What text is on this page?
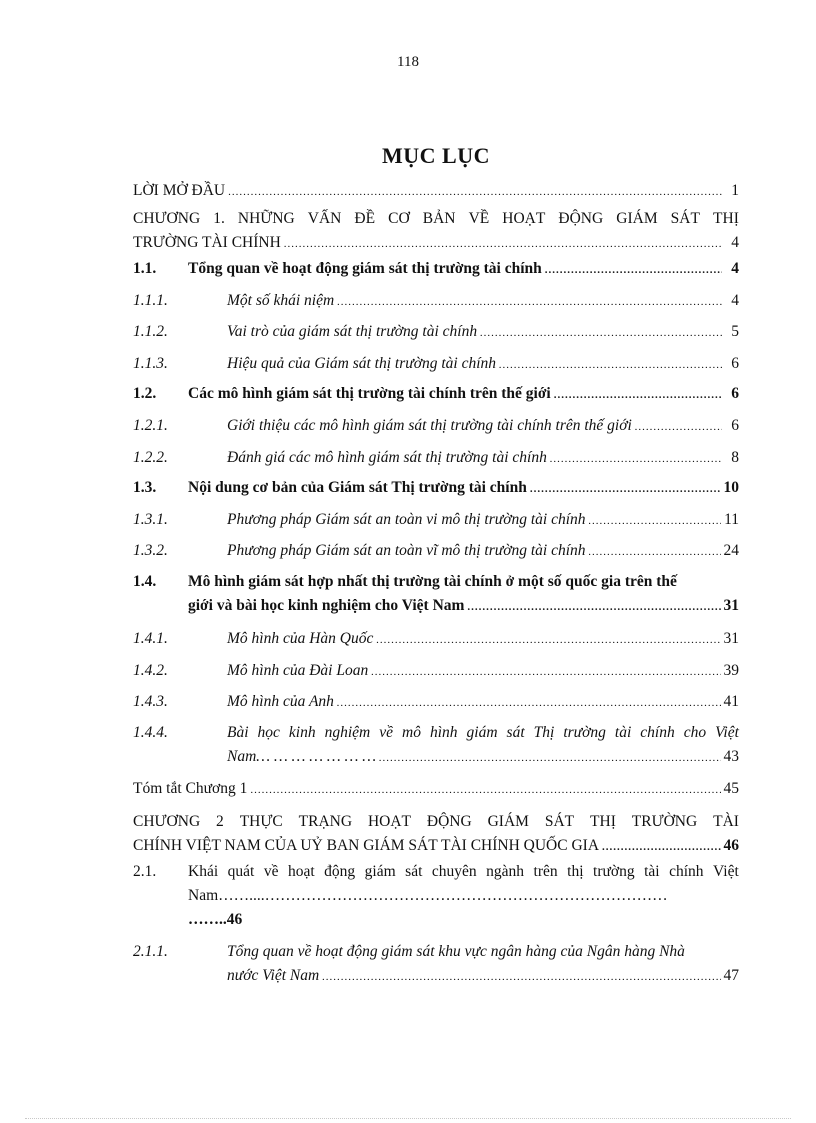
118
MỤC LỤC
LỜI MỞ ĐẦU .....	1
CHƯƠNG 1. NHỮNG VẤN ĐỀ CƠ BẢN VỀ HOẠT ĐỘNG GIÁM SÁT THỊ
TRƯỜNG TÀI CHÍNH .....	4
1.1.	Tổng quan về hoạt động giám sát thị trường tài chính .....	4
1.1.1.	Một số khái niệm .....	4
1.1.2.	Vai trò của giám sát thị trường tài chính .....	5
1.1.3.	Hiệu quả của Giám sát thị trường tài chính .....	6
1.2.	Các mô hình giám sát thị trường tài chính trên thế giới .....	6
1.2.1.	Giới thiệu các mô hình giám sát thị trường tài chính trên thế giới .....	6
1.2.2.	Đánh giá các mô hình giám sát thị trường tài chính .....	8
1.3.	Nội dung cơ bản của Giám sát Thị trường tài chính .....	10
1.3.1.	Phương pháp Giám sát an toàn vi mô thị trường tài chính .....	11
1.3.2.	Phương pháp Giám sát an toàn vĩ mô thị trường tài chính .....	24
1.4.	Mô hình giám sát hợp nhất thị trường tài chính ở một số quốc gia trên thế
giới và bài học kinh nghiệm cho Việt Nam .....	31
1.4.1.	Mô hình của Hàn Quốc .....	31
1.4.2.	Mô hình của Đài Loan .....	39
1.4.3.	Mô hình của Anh .....	41
1.4.4.	Bài học kinh nghiệm về mô hình giám sát Thị trường tài chính cho Việt
Nam… … … … … … … .....	43
Tóm tắt Chương 1 .....	45
CHƯƠNG 2 THỰC TRẠNG HOẠT ĐỘNG GIÁM SÁT THỊ TRƯỜNG TÀI
CHÍNH VIỆT NAM CỦA UỶ BAN GIÁM SÁT TÀI CHÍNH QUỐC GIA .....	46
2.1.	Khái quát về hoạt động giám sát chuyên ngành trên thị trường tài chính Việt
Nam……....……………………………………………………………………
……..46
2.1.1.	Tổng quan về hoạt động giám sát khu vực ngân hàng của Ngân hàng Nhà
nước Việt Nam .....	47
